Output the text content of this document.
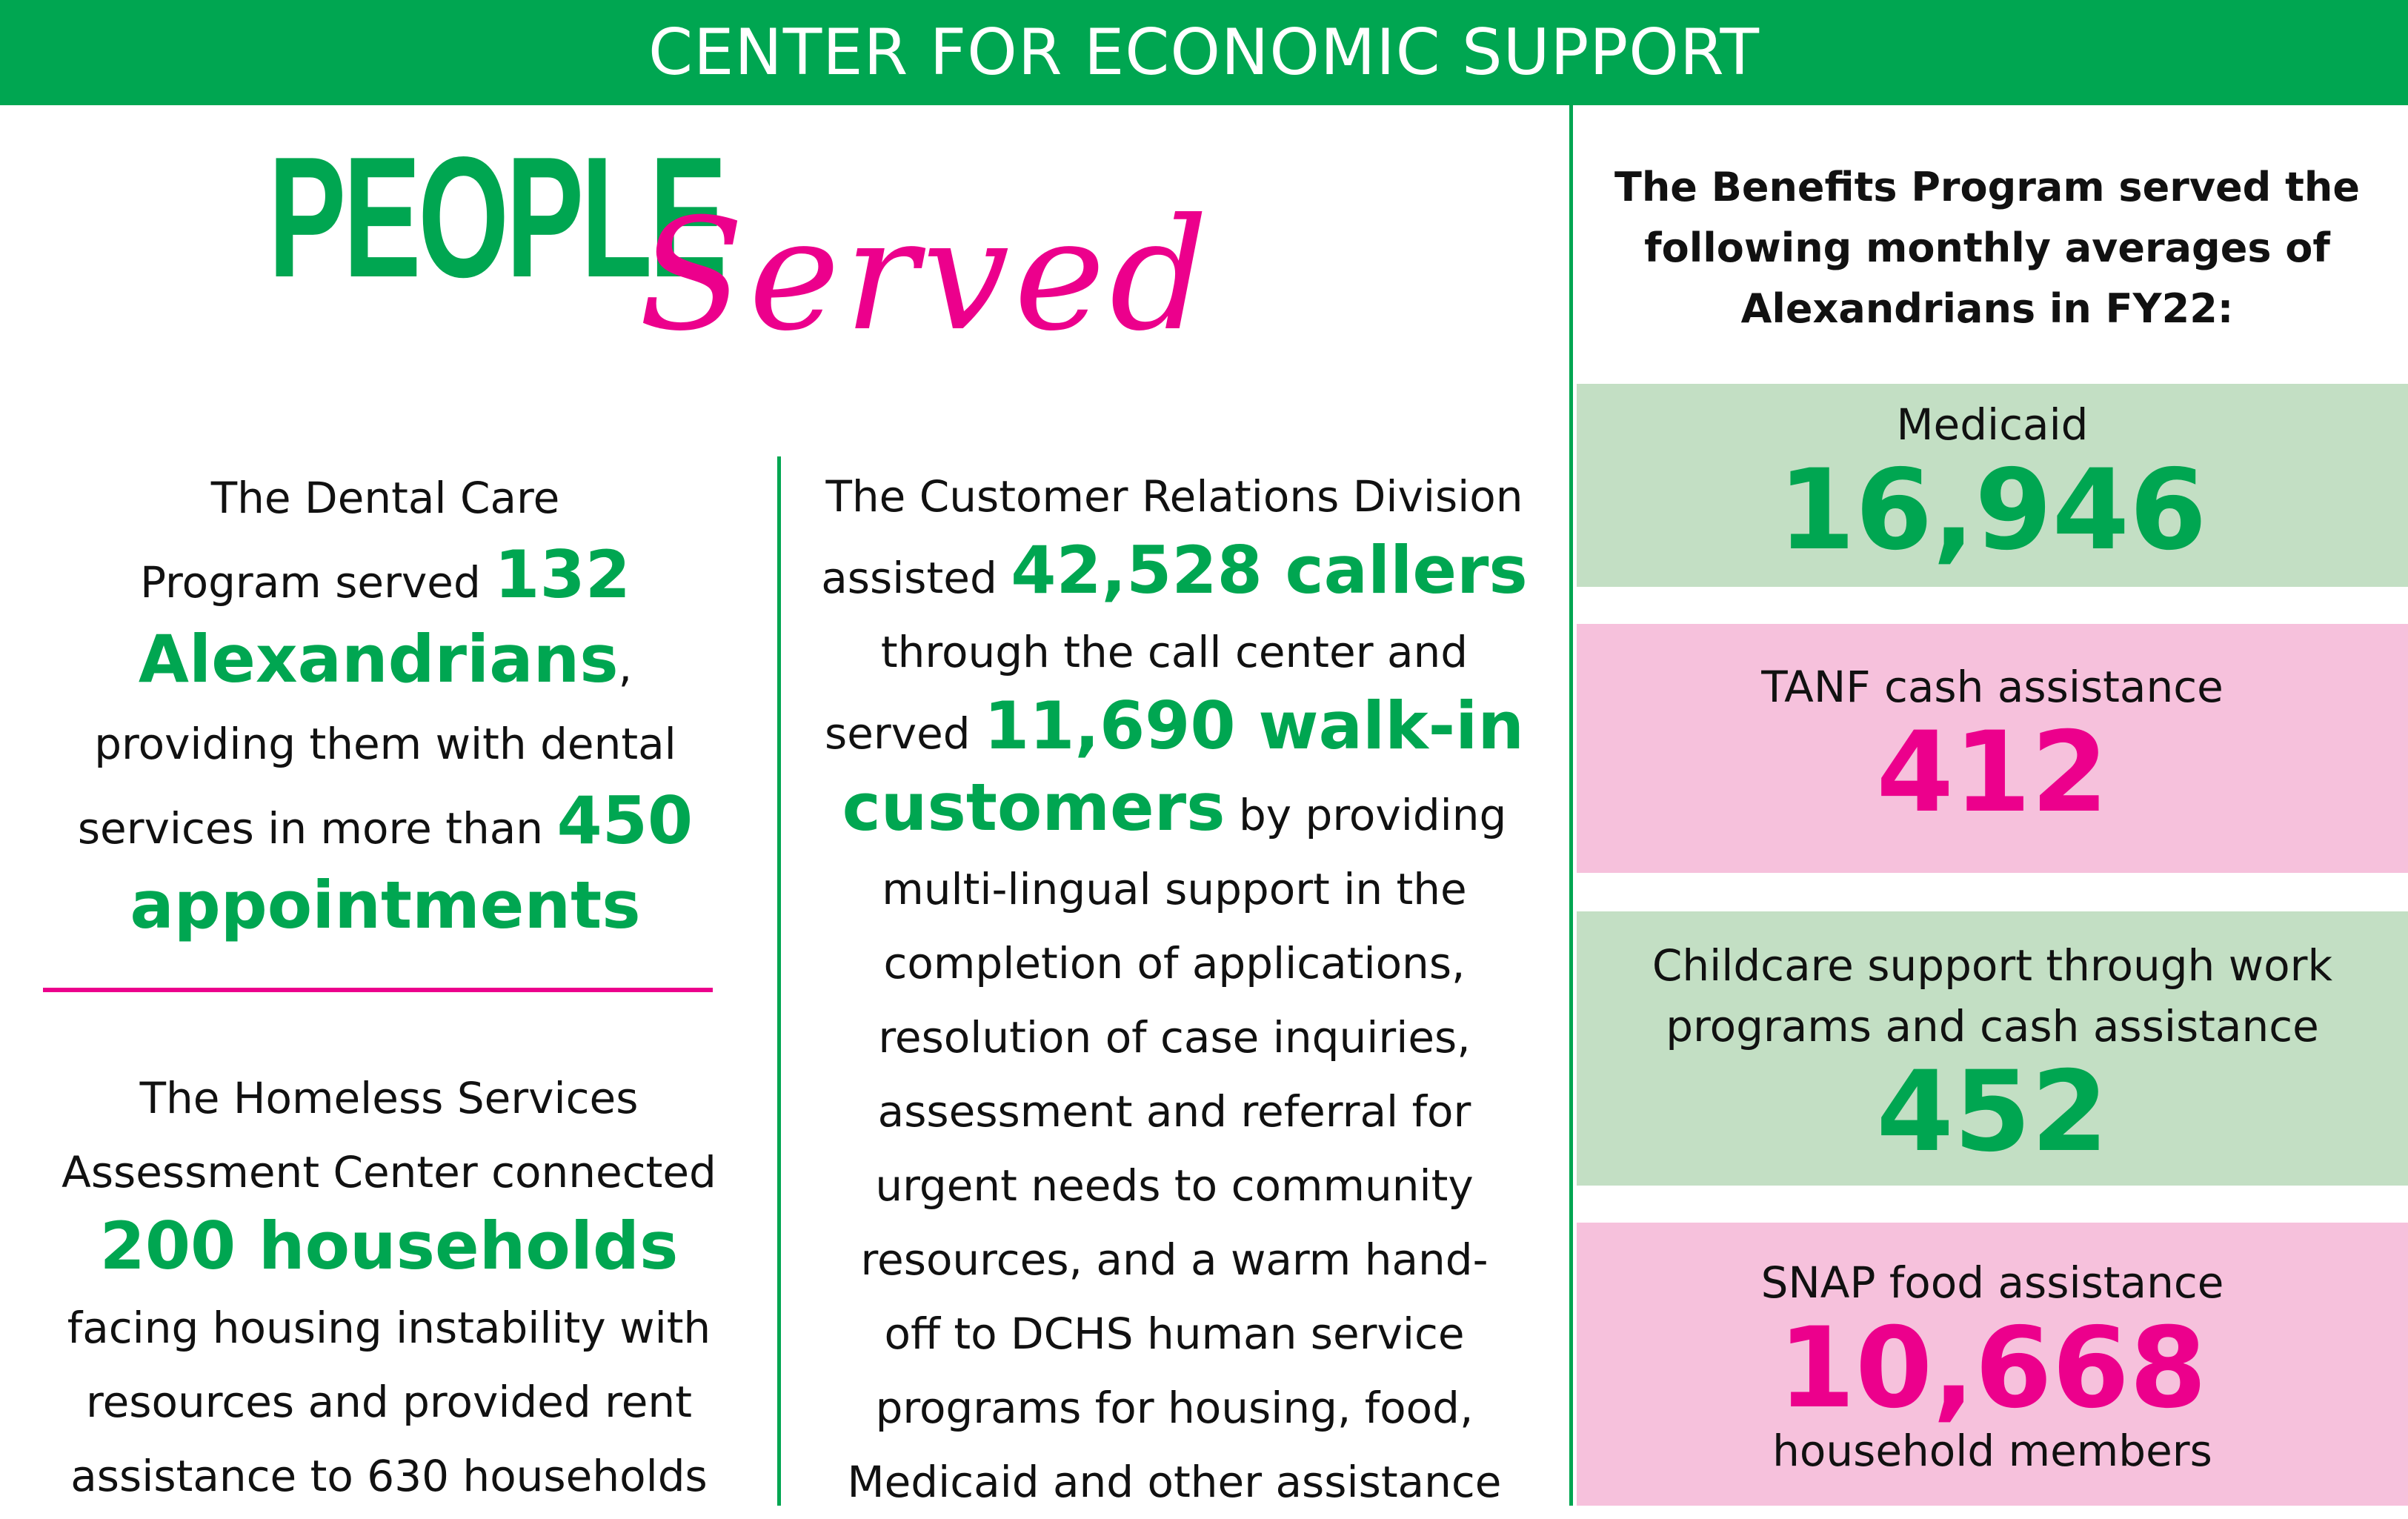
CENTER FOR ECONOMIC SUPPORT
PEOPLE
Served
The Dental Care
Program served 132
Alexandrians,
providing them with dental
services in more than 450
appointments
The Homeless Services
Assessment Center connected
200 households
facing housing instability with
resources and provided rent
assistance to 630 households
The Customer Relations Division
assisted 42,528 callers
through the call center and
served 11,690 walk-in
customers by providing
multi-lingual support in the
completion of applications,
resolution of case inquiries,
assessment and referral for
urgent needs to community
resources, and a warm hand-
off to DCHS human service
programs for housing, food,
Medicaid and other assistance
The Benefits Program served the
following monthly averages of
Alexandrians in FY22:
Medicaid
16,946
TANF cash assistance
412
Childcare support through work
programs and cash assistance
452
SNAP food assistance
10,668
household members
